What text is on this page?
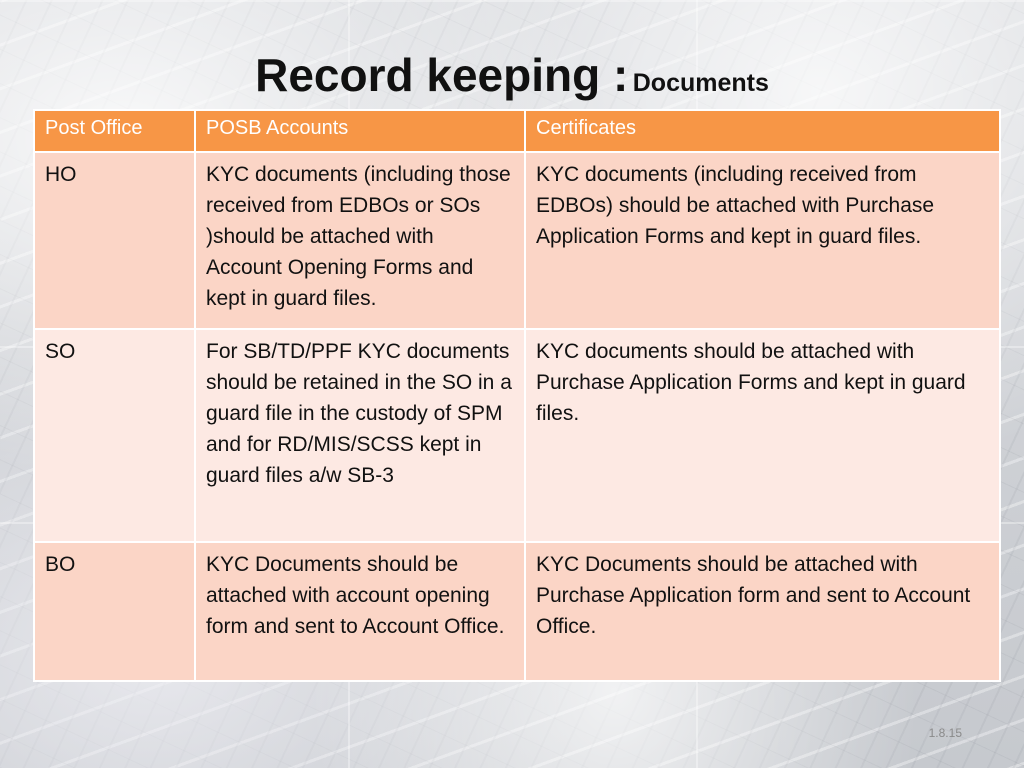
Record keeping : Documents
Post Office	POSB Accounts	Certificates
HO	KYC documents (including those received from EDBOs or SOs )should be attached with Account Opening Forms and kept in guard files.	KYC documents (including received from EDBOs) should be attached with Purchase Application Forms and kept in guard files.
SO	For SB/TD/PPF KYC documents should be retained in the SO in a guard file in the custody of SPM and for RD/MIS/SCSS kept in guard files a/w SB-3	KYC documents should be attached with Purchase Application Forms and kept in guard files.
BO	KYC Documents should be attached with account opening form and sent to Account Office.	KYC Documents should be attached with Purchase Application form and sent to Account Office.
1.8.15
